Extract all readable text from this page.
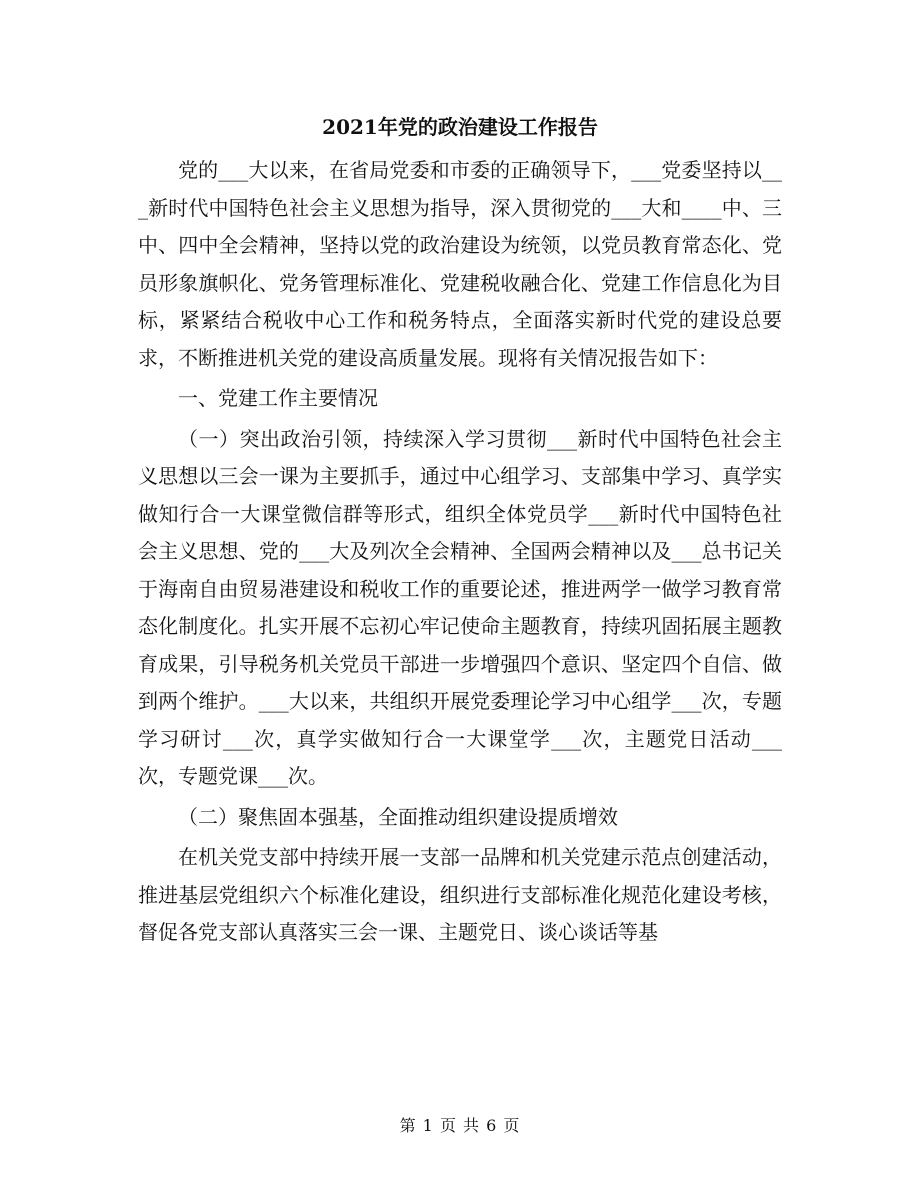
2021年党的政治建设工作报告

党的___大以来，在省局党委和市委的正确领导下，___党委坚持以___新时代中国特色社会主义思想为指导，深入贯彻党的___大和____中、三中、四中全会精神，坚持以党的政治建设为统领，以党员教育常态化、党员形象旗帜化、党务管理标准化、党建税收融合化、党建工作信息化为目标，紧紧结合税收中心工作和税务特点，全面落实新时代党的建设总要求，不断推进机关党的建设高质量发展。现将有关情况报告如下：

一、党建工作主要情况

（一）突出政治引领，持续深入学习贯彻___新时代中国特色社会主义思想以三会一课为主要抓手，通过中心组学习、支部集中学习、真学实做知行合一大课堂微信群等形式，组织全体党员学___新时代中国特色社会主义思想、党的___大及列次全会精神、全国两会精神以及___总书记关于海南自由贸易港建设和税收工作的重要论述，推进两学一做学习教育常态化制度化。扎实开展不忘初心牢记使命主题教育，持续巩固拓展主题教育成果，引导税务机关党员干部进一步增强四个意识、坚定四个自信、做到两个维护。___大以来，共组织开展党委理论学习中心组学___次，专题学习研讨___次，真学实做知行合一大课堂学___次，主题党日活动___次，专题党课___次。

（二）聚焦固本强基，全面推动组织建设提质增效

在机关党支部中持续开展一支部一品牌和机关党建示范点创建活动，推进基层党组织六个标准化建设，组织进行支部标准化规范化建设考核，督促各党支部认真落实三会一课、主题党日、谈心谈话等基

第 1 页 共 6 页
